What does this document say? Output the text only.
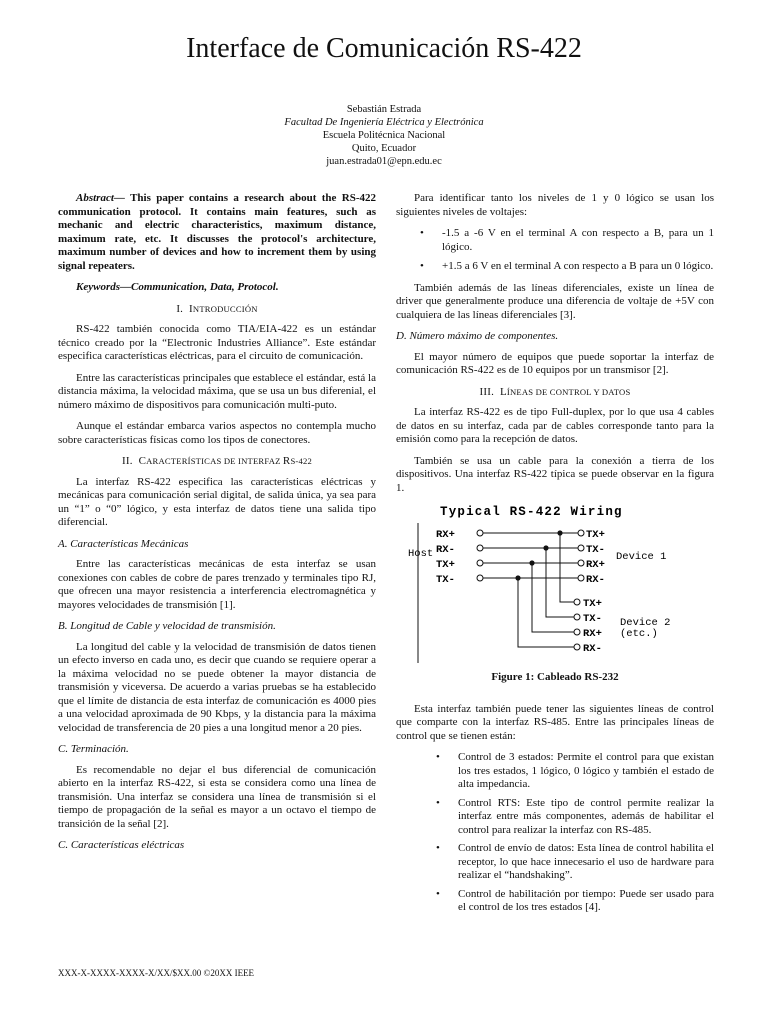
Interface de Comunicación RS-422
Sebastián Estrada
Facultad De Ingeniería Eléctrica y Electrónica
Escuela Politécnica Nacional
Quito, Ecuador
juan.estrada01@epn.edu.ec

Abstract— This paper contains a research about the RS-422 communication protocol. It contains main features, such as mechanic and electric characteristics, maximum distance, maximum rate, etc. It discusses the protocol's architecture, maximum number of devices and how to increment them by using signal repeaters.

Keywords—Communication, Data, Protocol.

I. INTRODUCCIÓN

RS-422 también conocida como TIA/EIA-422 es un estándar técnico creado por la “Electronic Industries Alliance”. Este estándar especifica características eléctricas, para el circuito de comunicación.

Entre las características principales que establece el estándar, está la distancia máxima, la velocidad máxima, que se usa un bus diferenial, el número máximo de dispositivos para comunicación multi-puto.

Aunque el estándar embarca varios aspectos no contempla mucho sobre características físicas como los tipos de conectores.

II. CARACTERÍSTICAS DE INTERFAZ RS-422

La interfaz RS-422 especifica las características eléctricas y mecánicas para comunicación serial digital, de salida única, ya sea para un “1” o “0” lógico, y esta interfaz de datos tiene una salida tipo diferencial.

A. Características Mecánicas

Entre las características mecánicas de esta interfaz se usan conexiones con cables de cobre de pares trenzado y terminales tipo RJ, que ofrecen una mayor resistencia a interferencia electromagnética y mayores velocidades de transmisión [1].

B. Longitud de Cable y velocidad de transmisión.

La longitud del cable y la velocidad de transmisión de datos tienen un efecto inverso en cada uno, es decir que cuando se requiere operar a la máxima velocidad no se puede obtener la mayor distancia de transmisión y viceversa. De acuerdo a varias pruebas se ha establecido que el límite de distancia de esta interfaz de comunicación es 4000 pies a una velocidad aproximada de 90 Kbps, y la distancia para la máxima velocidad de transferencia de 20 pies a una longitud menor a 20 pies.

C. Terminación.

Es recomendable no dejar el bus diferencial de comunicación abierto en la interfaz RS-422, si esta se considera como una línea de transmisión. Una interfaz se considera una línea de transmisión si el tiempo de propagación de la señal es mayor a un octavo el tiempo de transición de la señal [2].

C. Características eléctricas

Para identificar tanto los niveles de 1 y 0 lógico se usan los siguientes niveles de voltajes:

• -1.5 a -6 V en el terminal A con respecto a B, para un 1 lógico.
• +1.5 a 6 V en el terminal A con respecto a B para un 0 lógico.

También además de las líneas diferenciales, existe un línea de driver que generalmente produce una diferencia de voltaje de +5V con cualquiera de las líneas diferenciales [3].

D. Número máximo de componentes.

El mayor número de equipos que puede soportar la interfaz de comunicación RS-422 es de 10 equipos por un transmisor [2].

III. LÍNEAS DE CONTROL Y DATOS

La interfaz RS-422 es de tipo Full-duplex, por lo que usa 4 cables de datos en su interfaz, cada par de cables corresponde tanto para la emisión como para la recepción de datos.

También se usa un cable para la conexión a tierra de los dispositivos. Una interfaz RS-422 típica se puede observar en la figura 1.

Typical RS-422 Wiring
Host
RX+
RX-
TX+
TX-
TX+
TX-
RX+
RX-
Device 1
TX+
TX-
RX+
RX-
Device 2
(etc.)
Figure 1: Cableado RS-232

Esta interfaz también puede tener las siguientes líneas de control que comparte con la interfaz RS-485. Entre las principales líneas de control que se tienen están:

• Control de 3 estados: Permite el control para que existan los tres estados, 1 lógico, 0 lógico y también el estado de alta impedancia.
• Control RTS: Este tipo de control permite realizar la interfaz entre más componentes, además de habilitar el control para realizar la interfaz con RS-485.
• Control de envío de datos: Esta línea de control habilita el receptor, lo que hace innecesario el uso de hardware para realizar el “handshaking”.
• Control de habilitación por tiempo: Puede ser usado para el control de los tres estados [4].
XXX-X-XXXX-XXXX-X/XX/$XX.00 ©20XX IEEE
